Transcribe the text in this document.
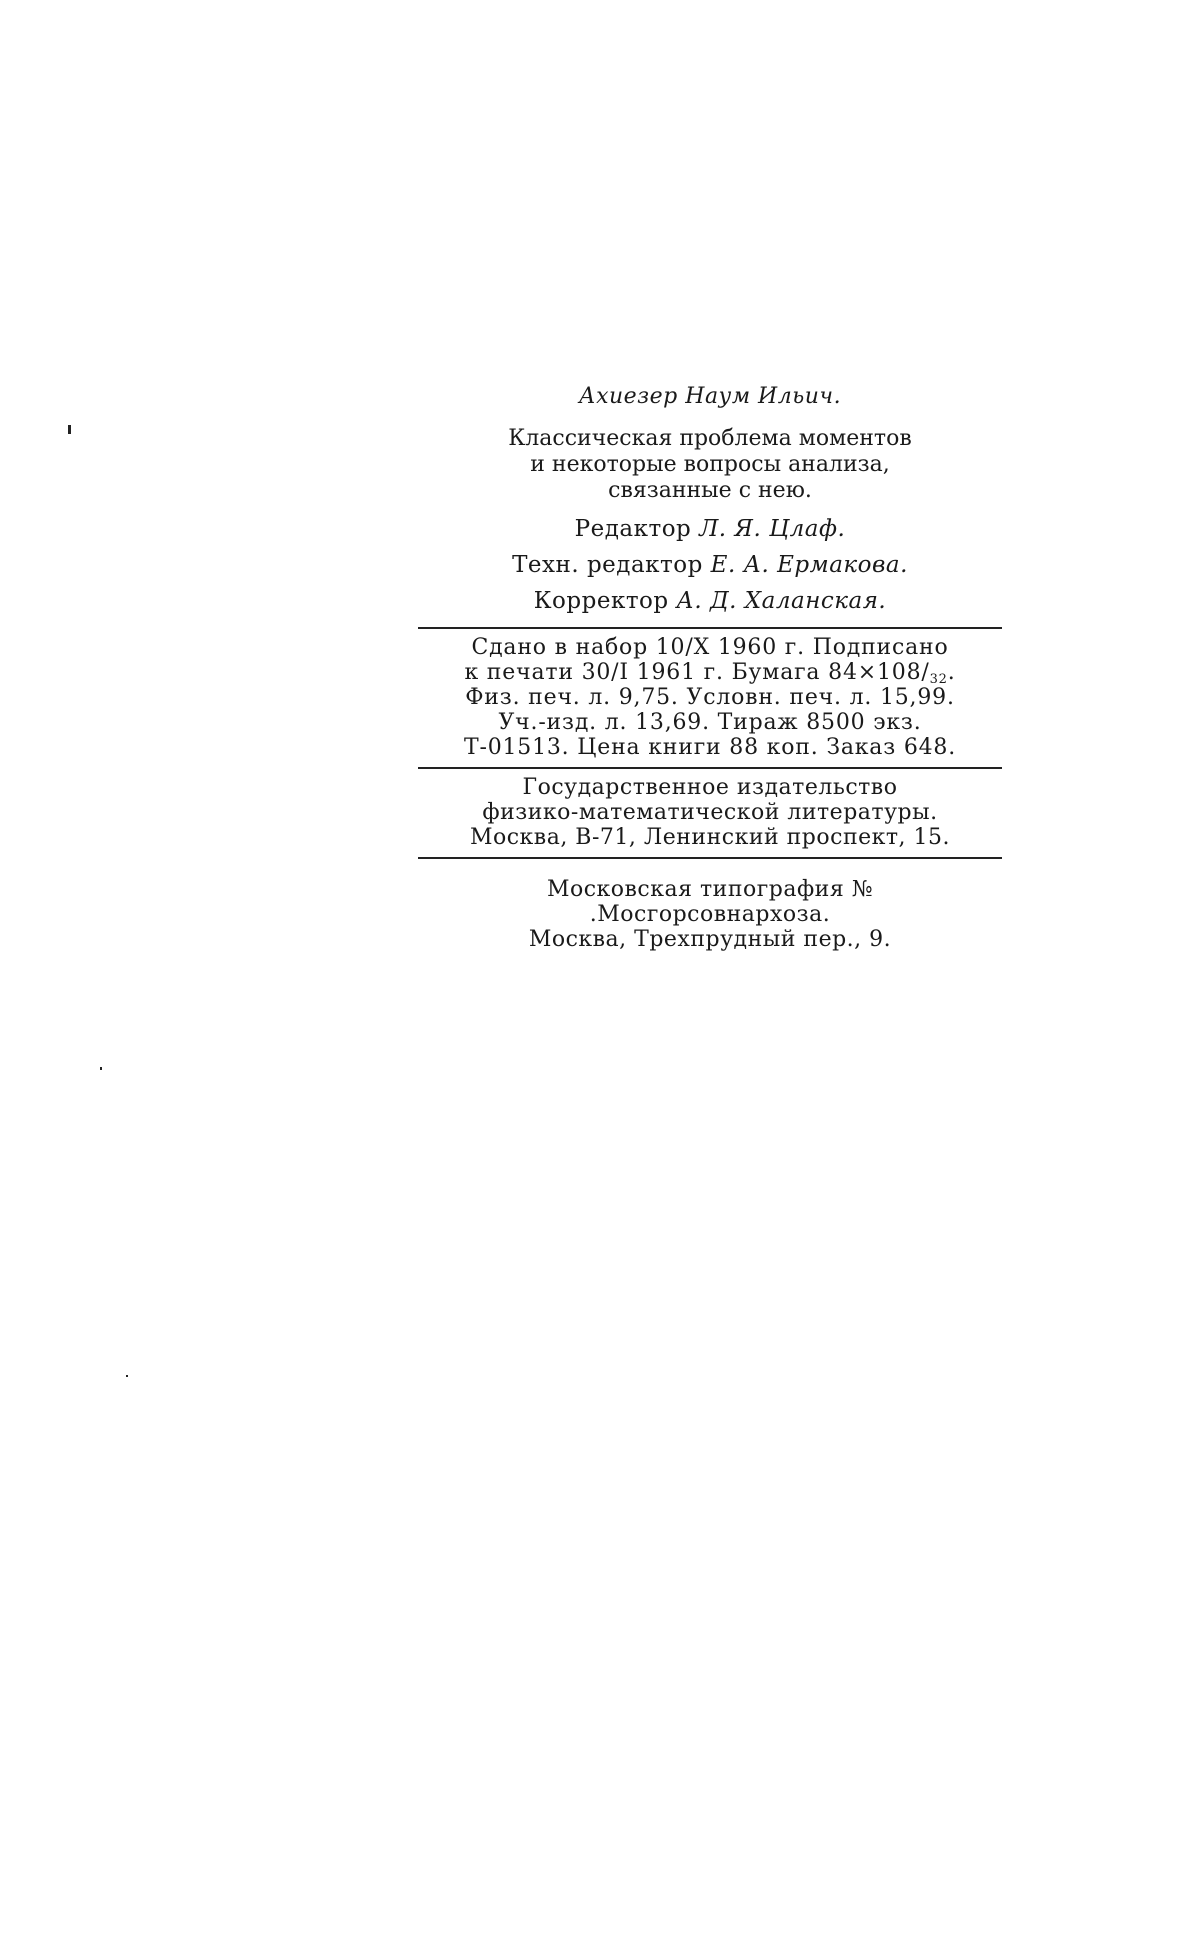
Ахиезер Наум Ильич.
Классическая проблема моментов
и некоторые вопросы анализа,
связанные с нею.
Редактор Л. Я. Цлаф.
Техн. редактор Е. А. Ермакова.
Корректор А. Д. Халанская.
Сдано в набор 10/X 1960 г. Подписано
к печати 30/I 1961 г. Бумага $84\times 108/_{32}$.
Физ. печ. л. 9,75. Условн. печ. л. 15,99.
Уч.-изд. л. 13,69. Тираж 8500 экз.
Т-01513. Цена книги 88 коп. Заказ 648.
Государственное издательство
физико-математической литературы.
Москва, В-71, Ленинский проспект, 15.
Московская типография №
.Мосгорсовнархоза.
Москва, Трехпрудный пер., 9.
